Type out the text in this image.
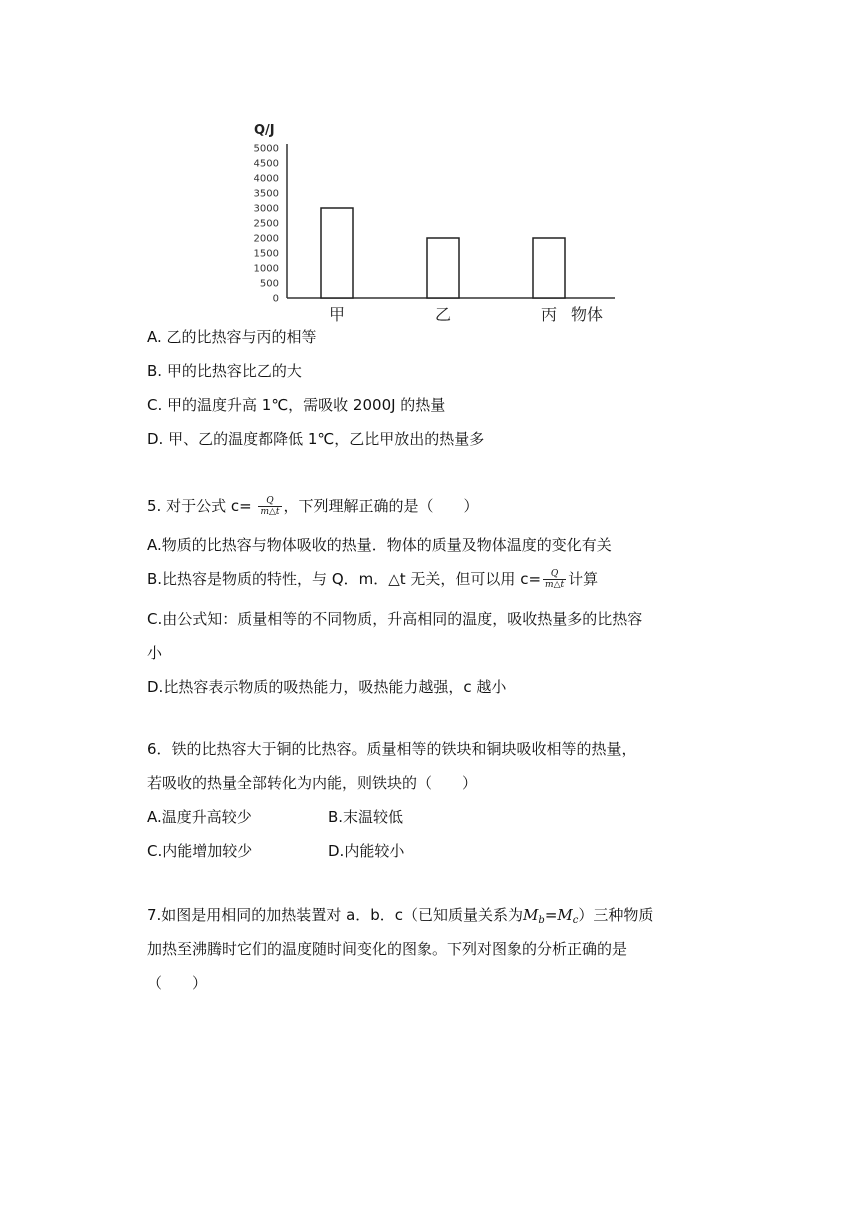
Q/J
0
500
1000
1500
2000
2500
3000
3500
4000
4500
5000
甲	乙	丙 物体
A. 乙的比热容与丙的相等
B. 甲的比热容比乙的大
C. 甲的温度升高 1℃，需吸收 2000J 的热量
D. 甲、乙的温度都降低 1℃，乙比甲放出的热量多
5. 对于公式 $c= \frac{Q}{m\triangle t}$ ，下列理解正确的是（　　）
A.物质的比热容与物体吸收的热量．物体的质量及物体温度的变化有关
B.比热容是物质的特性，与 Q．m．△t 无关，但可以用 $c= \frac{Q}{m\triangle t}$ 计算
C.由公式知：质量相等的不同物质，升高相同的温度，吸收热量多的比热容
小
D.比热容表示物质的吸热能力，吸热能力越强，c 越小
6．铁的比热容大于铜的比热容。质量相等的铁块和铜块吸收相等的热量，
若吸收的热量全部转化为内能，则铁块的（　　）
A.温度升高较少	B.末温较低
C.内能增加较少	D.内能较小
7.如图是用相同的加热装置对 a．b．c（已知质量关系为$M_b=M_c$）三种物质
加热至沸腾时它们的温度随时间变化的图象。下列对图象的分析正确的是
（　　）
